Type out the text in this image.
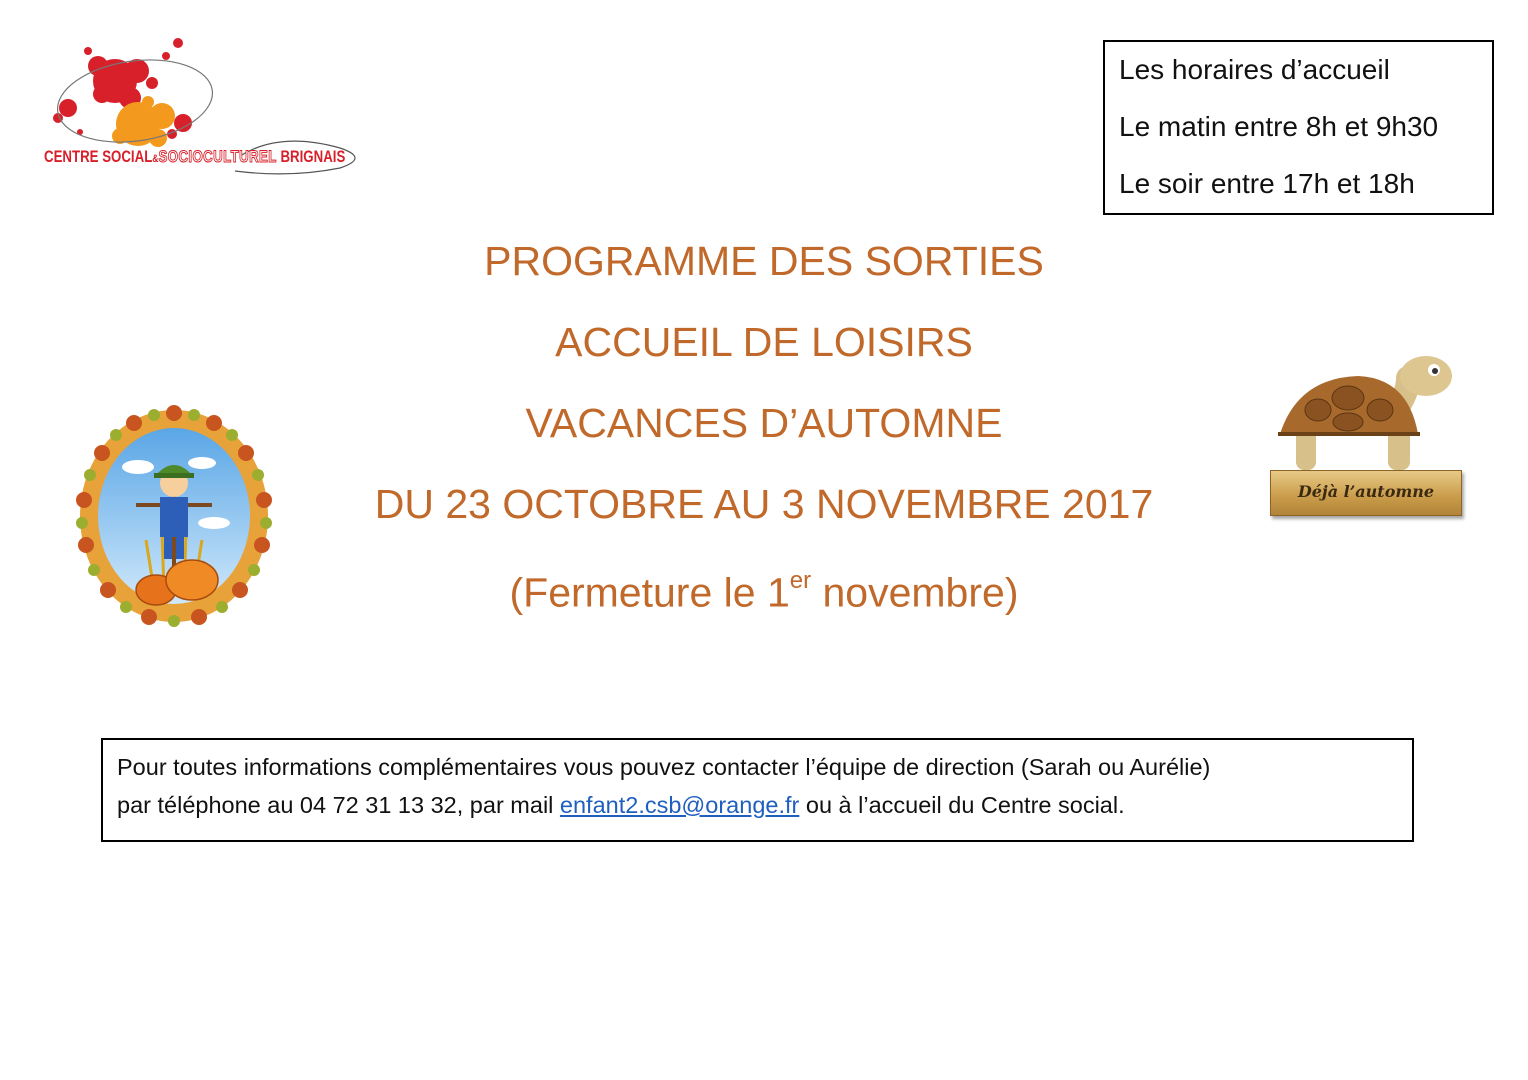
CENTRE SOCIAL&SOCIOCULTUREL BRIGNAIS
Les horaires d’accueil
Le matin entre 8h et 9h30
Le soir entre 17h et 18h
PROGRAMME DES SORTIES
ACCUEIL DE LOISIRS
VACANCES D’AUTOMNE
DU 23 OCTOBRE AU 3 NOVEMBRE 2017
(Fermeture le 1er novembre)
Déjà l’automne
Pour toutes informations complémentaires vous pouvez contacter l’équipe de direction (Sarah ou Aurélie)
par téléphone au 04 72 31 13 32, par mail enfant2.csb@orange.fr ou à l’accueil du Centre social.
